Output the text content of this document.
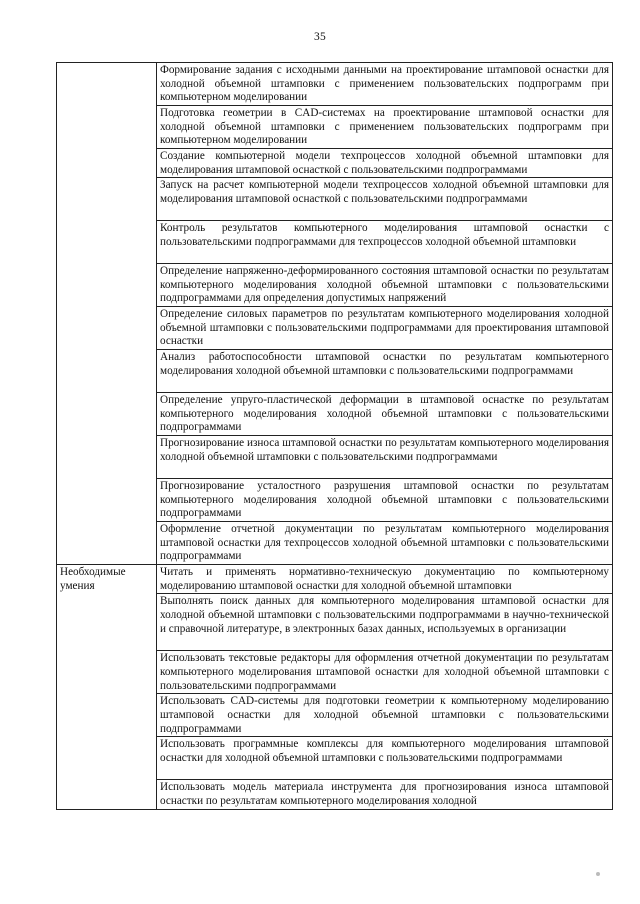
35
	Формирование задания с исходными данными на проектирование штамповой оснастки для холодной объемной штамповки с применением пользовательских подпрограмм при компьютерном моделировании
	Подготовка геометрии в CAD-системах на проектирование штамповой оснастки для холодной объемной штамповки с применением пользовательских подпрограмм при компьютерном моделировании
	Создание компьютерной модели техпроцессов холодной объемной штамповки для моделирования штамповой оснасткой с пользовательскими подпрограммами
	Запуск на расчет компьютерной модели техпроцессов холодной объемной штамповки для моделирования штамповой оснасткой с пользовательскими подпрограммами
	Контроль результатов компьютерного моделирования штамповой оснастки с пользовательскими подпрограммами для техпроцессов холодной объемной штамповки
	Определение напряженно-деформированного состояния штамповой оснастки по результатам компьютерного моделирования холодной объемной штамповки с пользовательскими подпрограммами для определения допустимых напряжений
	Определение силовых параметров по результатам компьютерного моделирования холодной объемной штамповки с пользовательскими подпрограммами для проектирования штамповой оснастки
	Анализ работоспособности штамповой оснастки по результатам компьютерного моделирования холодной объемной штамповки с пользовательскими подпрограммами
	Определение упруго-пластической деформации в штамповой оснастке по результатам компьютерного моделирования холодной объемной штамповки с пользовательскими подпрограммами
	Прогнозирование износа штамповой оснастки по результатам компьютерного моделирования холодной объемной штамповки с пользовательскими подпрограммами
	Прогнозирование усталостного разрушения штамповой оснастки по результатам компьютерного моделирования холодной объемной штамповки с пользовательскими подпрограммами
	Оформление отчетной документации по результатам компьютерного моделирования штамповой оснастки для техпроцессов холодной объемной штамповки с пользовательскими подпрограммами
Необходимые умения	Читать и применять нормативно-техническую документацию по компьютерному моделированию штамповой оснастки для холодной объемной штамповки
	Выполнять поиск данных для компьютерного моделирования штамповой оснастки для холодной объемной штамповки с пользовательскими подпрограммами в научно-технической и справочной литературе, в электронных базах данных, используемых в организации
	Использовать текстовые редакторы для оформления отчетной документации по результатам компьютерного моделирования штамповой оснастки для холодной объемной штамповки с пользовательскими подпрограммами
	Использовать CAD-системы для подготовки геометрии к компьютерному моделированию штамповой оснастки для холодной объемной штамповки с пользовательскими подпрограммами
	Использовать программные комплексы для компьютерного моделирования штамповой оснастки для холодной объемной штамповки с пользовательскими подпрограммами
	Использовать модель материала инструмента для прогнозирования износа штамповой оснастки по результатам компьютерного моделирования холодной
